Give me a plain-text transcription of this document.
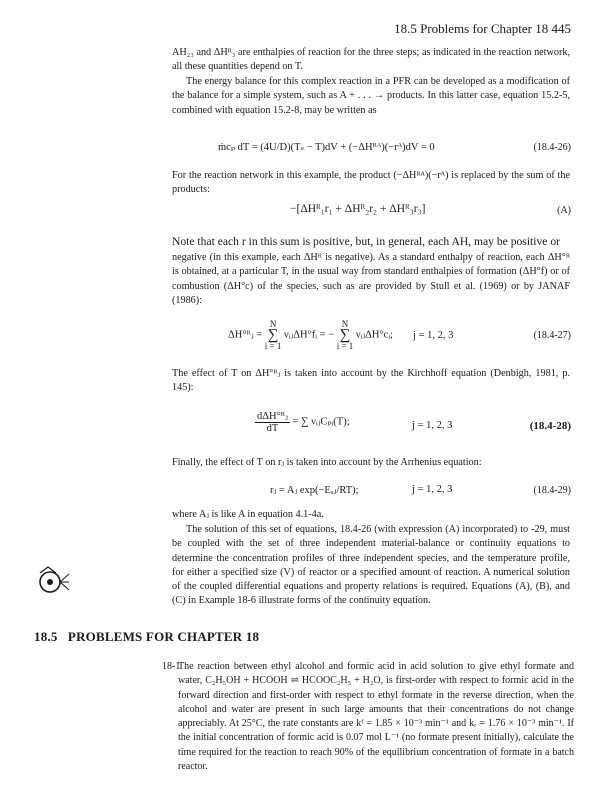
18.5 Problems for Chapter 18 445

AH₂₃ and ΔHᴿ₃ are enthalpies of reaction for the three steps; as indicated in the reaction network, all these quantities depend on T.

The energy balance for this complex reaction in a PFR can be developed as a modification of the balance for a simple system, such as A + . . . → products. In this latter case, equation 15.2-5, combined with equation 15.2-8, may be written as

ṁcₚ dT = (4U/D)(Tₛ − T)dV + (−ΔHᴿᴬ)(−rᴬ)dV = 0	(18.4-26)

For the reaction network in this example, the product (−ΔHᴿᴬ)(−rᴬ) is replaced by the sum of the products:

−[ΔHᴿ₁r₁ + ΔHᴿ₂r₂ + ΔHᴿ₃r₃]	(A)

Note that each r in this sum is positive, but, in general, each AH, may be positive or

negative (in this example, each ΔHᴿ is negative). As a standard enthalpy of reaction, each ΔH°ᴿ is obtained, at a particular T, in the usual way from standard enthalpies of formation (ΔH°f) or of combustion (ΔH°c) of the species, such as are provided by Stull et al. (1969) or by JANAF (1986):

ΔH°ᴿⱼ = N
∑
i = 1 νᵢⱼΔH°fᵢ = − N
∑
i = 1 νᵢⱼΔH°cᵢ; j = 1, 2, 3	(18.4-27)

The effect of T on ΔH°ᴿⱼ is taken into account by the Kirchhoff equation (Denbigh, 1981, p. 145):

$\frac{\text{dΔH°ᴿⱼ}}{dT}$ = ∑ νᵢⱼCₚᵢ(T);	j = 1, 2, 3	(18.4-28)

Finally, the effect of T on rⱼ is taken into account by the Arrhenius equation:

rⱼ = Aⱼ exp(−Eₐⱼ/RT);	j = 1, 2, 3	(18.4-29)

where Aⱼ is like A in equation 4.1-4a.

The solution of this set of equations, 18.4-26 (with expression (A) incorporated) to -29, must be coupled with the set of three independent material-balance or continuity equations to determine the concentration profiles of three independent species, and the temperature profile, for either a specified size (V) of reactor or a specified amount of reaction. A numerical solution of the coupled differential equations and property relations is required. Equations (A), (B), and (C) in Example 18-6 illustrate forms of the continuity equation.

18.5 PROBLEMS FOR CHAPTER 18
18-1
The reaction between ethyl alcohol and formic acid in acid solution to give ethyl formate and water, C₂H₅OH + HCOOH ⇌ HCOOC₂H₅ + H₂O, is first-order with respect to formic acid in the forward direction and first-order with respect to ethyl formate in the reverse direction, when the alcohol and water are present in such large amounts that their concentrations do not change appreciably. At 25°C, the rate constants are kᶠ = 1.85 × 10⁻³ min⁻¹ and kᵣ = 1.76 × 10⁻³ min⁻¹. If the initial concentration of formic acid is 0.07 mol L⁻¹ (no formate present initially), calculate the time required for the reaction to reach 90% of the equilibrium concentration of formate in a batch reactor.
